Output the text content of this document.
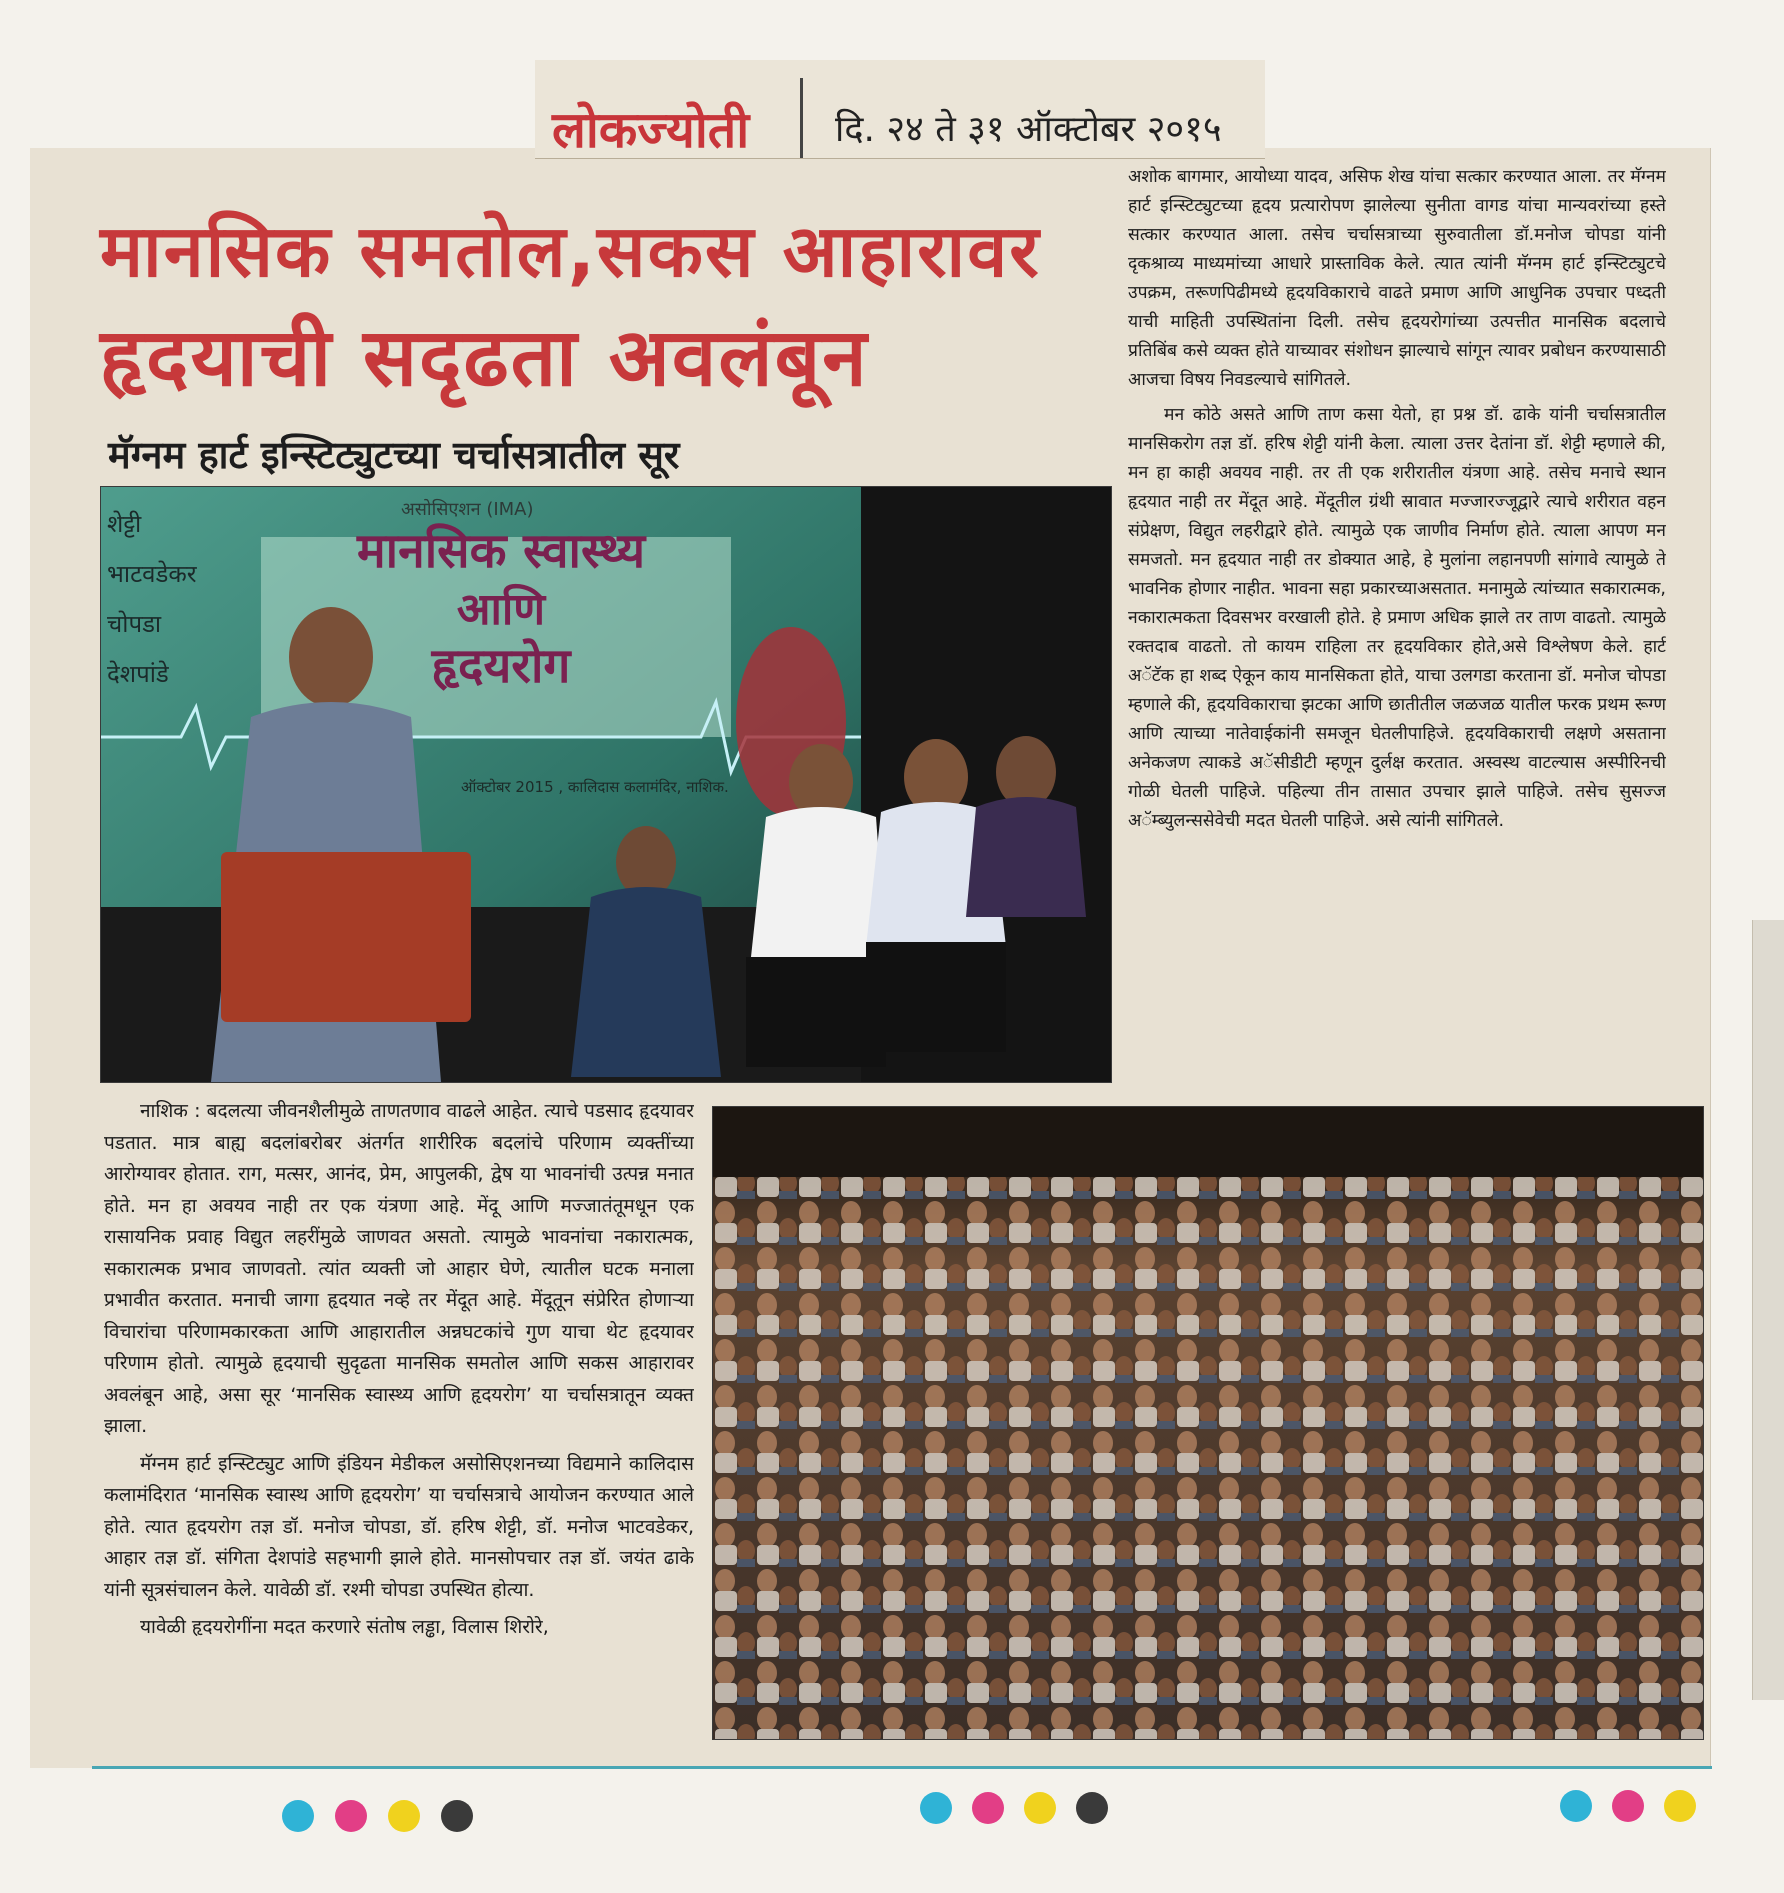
लोकज्योती दि. २४ ते ३१ ऑक्टोबर २०१५
मानसिक समतोल,सकस आहारावर
हृदयाची सदृढता अवलंबून
मॅग्नम हार्ट इन्स्टिट्युटच्या चर्चासत्रातील सूर
असोसिएशन (IMA)
मानसिक स्वास्थ्य
आणि
हृदयरोग
ऑक्टोबर 2015 , कालिदास कलामंदिर, नाशिक.
शेट्टी
भाटवडेकर
चोपडा
देशपांडे

अशोक बागमार, आयोध्या यादव, असिफ शेख यांचा सत्कार करण्यात आला. तर मॅग्नम हार्ट इन्स्टिट्युटच्या हृदय प्रत्यारोपण झालेल्या सुनीता वागड यांचा मान्यवरांच्या हस्ते सत्कार करण्यात आला. तसेच चर्चासत्राच्या सुरुवातीला डॉ.मनोज चोपडा यांनी दृकश्राव्य माध्यमांच्या आधारे प्रास्ताविक केले. त्यात त्यांनी मॅग्नम हार्ट इन्स्टिट्युटचे उपक्रम, तरूणपिढीमध्ये हृदयविकाराचे वाढते प्रमाण आणि आधुनिक उपचार पध्दती याची माहिती उपस्थितांना दिली. तसेच हृदयरोगांच्या उत्पत्तीत मानसिक बदलाचे प्रतिबिंब कसे व्यक्त होते याच्यावर संशोधन झाल्याचे सांगून त्यावर प्रबोधन करण्यासाठी आजचा विषय निवडल्याचे सांगितले.

मन कोठे असते आणि ताण कसा येतो, हा प्रश्न डॉ. ढाके यांनी चर्चासत्रातील मानसिकरोग तज्ञ डॉ. हरिष शेट्टी यांनी केला. त्याला उत्तर देतांना डॉ. शेट्टी म्हणाले की, मन हा काही अवयव नाही. तर ती एक शरीरातील यंत्रणा आहे. तसेच मनाचे स्थान हृदयात नाही तर मेंदूत आहे. मेंदूतील ग्रंथी स्रावात मज्जारज्जूद्वारे त्याचे शरीरात वहन संप्रेक्षण, विद्युत लहरीद्वारे होते. त्यामुळे एक जाणीव निर्माण होते. त्याला आपण मन समजतो. मन हृदयात नाही तर डोक्यात आहे, हे मुलांना लहानपणी सांगावे त्यामुळे ते भावनिक होणार नाहीत. भावना सहा प्रकारच्याअसतात. मनामुळे त्यांच्यात सकारात्मक, नकारात्मकता दिवसभर वरखाली होते. हे प्रमाण अधिक झाले तर ताण वाढतो. त्यामुळे रक्तदाब वाढतो. तो कायम राहिला तर हृदयविकार होते,असे विश्लेषण केले. हार्ट अॅटॅक हा शब्द ऐकून काय मानसिकता होते, याचा उलगडा करताना डॉ. मनोज चोपडा म्हणाले की, हृदयविकाराचा झटका आणि छातीतील जळजळ यातील फरक प्रथम रूग्ण आणि त्याच्या नातेवाईकांनी समजून घेतलीपाहिजे. हृदयविकाराची लक्षणे असताना अनेकजण त्याकडे अॅसीडीटी म्हणून दुर्लक्ष करतात. अस्वस्थ वाटल्यास अस्पीरिनची गोळी घेतली पाहिजे. पहिल्या तीन तासात उपचार झाले पाहिजे. तसेच सुसज्ज अॅम्ब्युलन्ससेवेची मदत घेतली पाहिजे. असे त्यांनी सांगितले.

नाशिक : बदलत्या जीवनशैलीमुळे ताणतणाव वाढले आहेत. त्याचे पडसाद हृदयावर पडतात. मात्र बाह्य बदलांबरोबर अंतर्गत शारीरिक बदलांचे परिणाम व्यक्तींच्या आरोग्यावर होतात. राग, मत्सर, आनंद, प्रेम, आपुलकी, द्वेष या भावनांची उत्पन्न मनात होते. मन हा अवयव नाही तर एक यंत्रणा आहे. मेंदू आणि मज्जातंतूमधून एक रासायनिक प्रवाह विद्युत लहरींमुळे जाणवत असतो. त्यामुळे भावनांचा नकारात्मक, सकारात्मक प्रभाव जाणवतो. त्यांत व्यक्ती जो आहार घेणे, त्यातील घटक मनाला प्रभावीत करतात. मनाची जागा हृदयात नव्हे तर मेंदूत आहे. मेंदूतून संप्रेरित होणाऱ्या विचारांचा परिणामकारकता आणि आहारातील अन्नघटकांचे गुण याचा थेट हृदयावर परिणाम होतो. त्यामुळे हृदयाची सुदृढता मानसिक समतोल आणि सकस आहारावर अवलंबून आहे, असा सूर ‘मानसिक स्वास्थ्य आणि हृदयरोग’ या चर्चासत्रातून व्यक्त झाला.

मॅग्नम हार्ट इन्स्टिट्युट आणि इंडियन मेडीकल असोसिएशनच्या विद्यमाने कालिदास कलामंदिरात ‘मानसिक स्वास्थ आणि हृदयरोग’ या चर्चासत्राचे आयोजन करण्यात आले होते. त्यात हृदयरोग तज्ञ डॉ. मनोज चोपडा, डॉ. हरिष शेट्टी, डॉ. मनोज भाटवडेकर, आहार तज्ञ डॉ. संगिता देशपांडे सहभागी झाले होते. मानसोपचार तज्ञ डॉ. जयंत ढाके यांनी सूत्रसंचालन केले. यावेळी डॉ. रश्मी चोपडा उपस्थित होत्या.

यावेळी हृदयरोगींना मदत करणारे संतोष लड्ढा, विलास शिरोरे,
